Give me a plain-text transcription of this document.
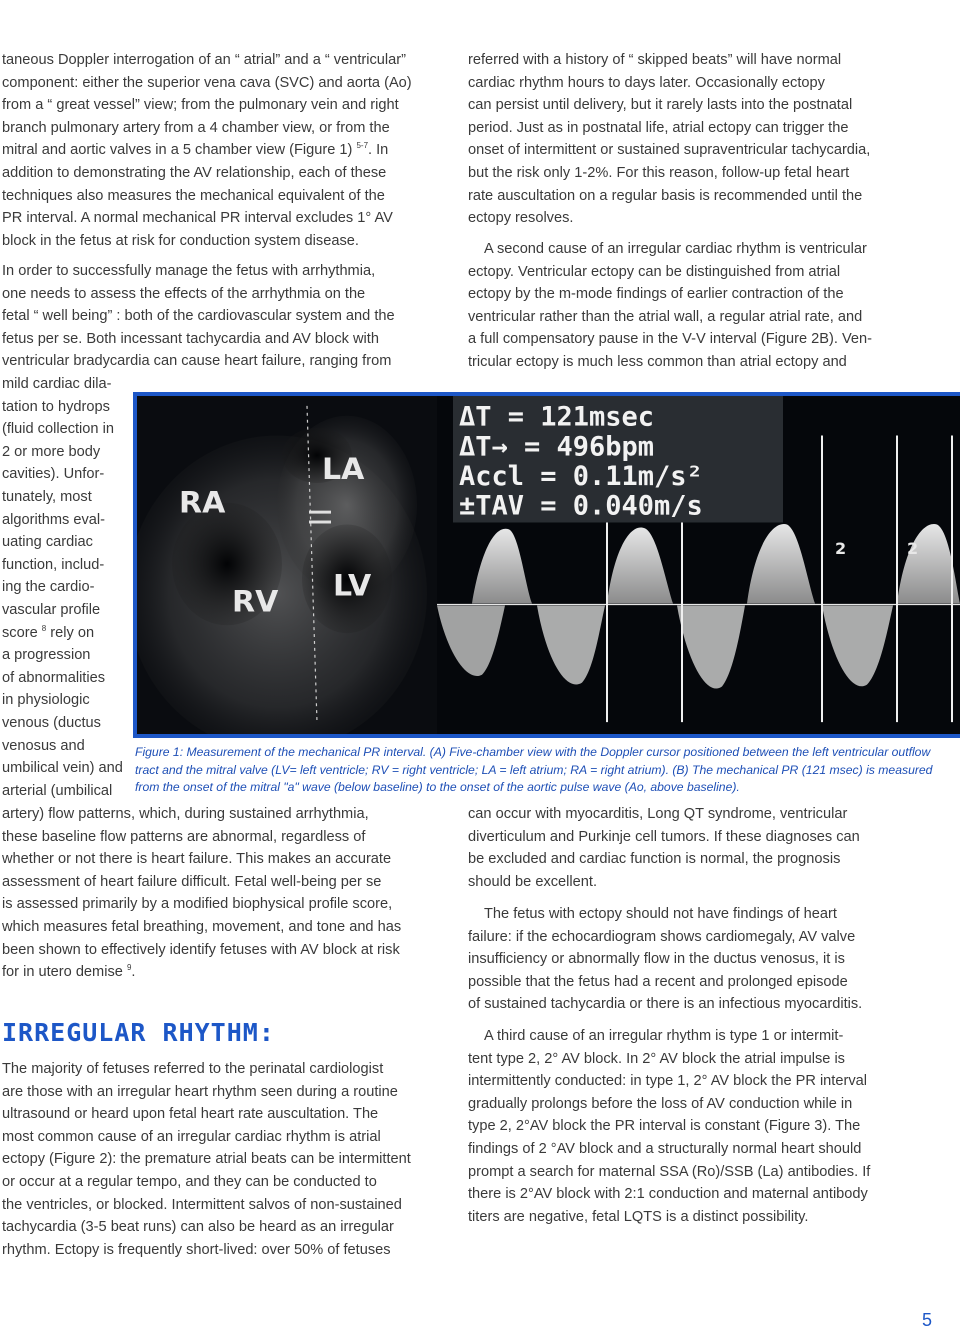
taneous Doppler interrogation of an “ atrial” and a “ ventricular”
component: either the superior vena cava (SVC) and aorta (Ao)
from a “ great vessel” view; from the pulmonary vein and right
branch pulmonary artery from a 4 chamber view, or from the
mitral and aortic valves in a 5 chamber view (Figure 1) $^{5-7}$. In
addition to demonstrating the AV relationship, each of these
techniques also measures the mechanical equivalent of the
PR interval. A normal mechanical PR interval excludes 1° AV
block in the fetus at risk for conduction system disease.
In order to successfully manage the fetus with arrhythmia,
one needs to assess the effects of the arrhythmia on the
fetal “ well being” : both of the cardiovascular system and the
fetus per se. Both incessant tachycardia and AV block with
ventricular bradycardia can cause heart failure, ranging from
mild cardiac dila-
tation to hydrops
(fluid collection in
2 or more body
cavities). Unfor-
tunately, most
algorithms eval-
uating cardiac
function, includ-
ing the cardio-
vascular profile
score $^8$ rely on
a progression
of abnormalities
in physiologic
venous (ductus
venosus and
umbilical vein) and
arterial (umbilical
artery) flow patterns, which, during sustained arrhythmia,
these baseline flow patterns are abnormal, regardless of
whether or not there is heart failure. This makes an accurate
assessment of heart failure difficult. Fetal well-being per se
is assessed primarily by a modified biophysical profile score,
which measures fetal breathing, movement, and tone and has
been shown to effectively identify fetuses with AV block at risk
for in utero demise $^9$.
IRREGULAR RHYTHM:
The majority of fetuses referred to the perinatal cardiologist
are those with an irregular heart rhythm seen during a routine
ultrasound or heard upon fetal heart rate auscultation. The
most common cause of an irregular cardiac rhythm is atrial
ectopy (Figure 2): the premature atrial beats can be intermittent
or occur at a regular tempo, and they can be conducted to
the ventricles, or blocked. Intermittent salvos of non-sustained
tachycardia (3-5 beat runs) can also be heard as an irregular
rhythm. Ectopy is frequently short-lived: over 50% of fetuses
referred with a history of “ skipped beats” will have normal
cardiac rhythm hours to days later. Occasionally ectopy
can persist until delivery, but it rarely lasts into the postnatal
period. Just as in postnatal life, atrial ectopy can trigger the
onset of intermittent or sustained supraventricular tachycardia,
but the risk only 1-2%. For this reason, follow-up fetal heart
rate auscultation on a regular basis is recommended until the
ectopy resolves.
A second cause of an irregular cardiac rhythm is ventricular
ectopy. Ventricular ectopy can be distinguished from atrial
ectopy by the m-mode findings of earlier contraction of the
ventricular rather than the atrial wall, a regular atrial rate, and
a full compensatory pause in the V-V interval (Figure 2B). Ven-
tricular ectopy is much less common than atrial ectopy and
RA
LA
RV LV
2	2
ΔT = 121msec
ΔT→ = 496bpm
Accl = 0.11m/s²
±TAV = 0.040m/s
Figure 1: Measurement of the mechanical PR interval. (A) Five-chamber view with the Doppler cursor positioned between the left ventricular outflow tract and the mitral valve (LV= left ventricle; RV = right ventricle; LA = left atrium; RA = right atrium). (B) The mechanical PR (121 msec) is measured from the onset of the mitral "a" wave (below baseline) to the onset of the aortic pulse wave (Ao, above baseline).
can occur with myocarditis, Long QT syndrome, ventricular
diverticulum and Purkinje cell tumors. If these diagnoses can
be excluded and cardiac function is normal, the prognosis
should be excellent.
The fetus with ectopy should not have findings of heart
failure: if the echocardiogram shows cardiomegaly, AV valve
insufficiency or abnormally flow in the ductus venosus, it is
possible that the fetus had a recent and prolonged episode
of sustained tachycardia or there is an infectious myocarditis.
A third cause of an irregular rhythm is type 1 or intermit-
tent type 2, 2° AV block. In 2° AV block the atrial impulse is
intermittently conducted: in type 1, 2° AV block the PR interval
gradually prolongs before the loss of AV conduction while in
type 2, 2°AV block the PR interval is constant (Figure 3). The
findings of 2 °AV block and a structurally normal heart should
prompt a search for maternal SSA (Ro)/SSB (La) antibodies. If
there is 2°AV block with 2:1 conduction and maternal antibody
titers are negative, fetal LQTS is a distinct possibility.
5
